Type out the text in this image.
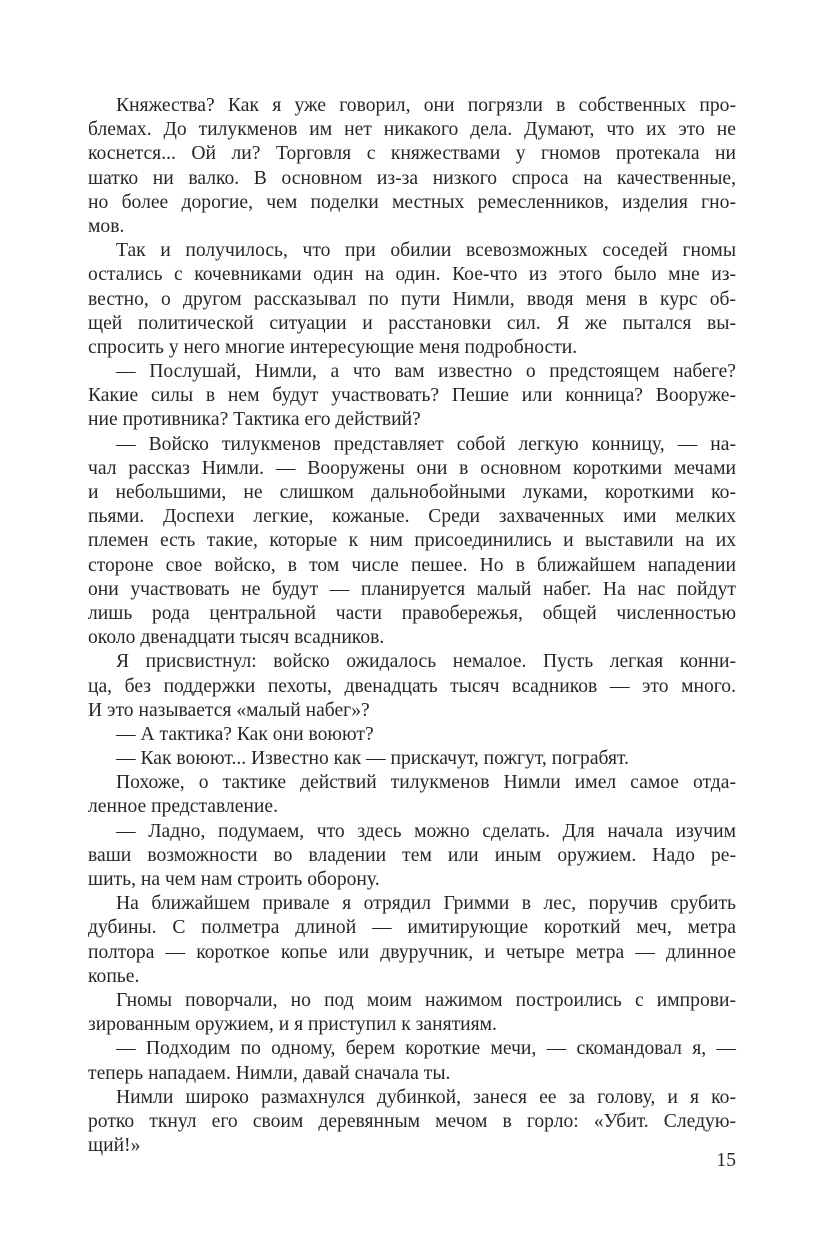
Княжества? Как я уже говорил, они погрязли в собственных про-
блемах. До тилукменов им нет никакого дела. Думают, что их это не
коснется... Ой ли? Торговля с княжествами у гномов протекала ни
шатко ни валко. В основном из-за низкого спроса на качественные,
но более дорогие, чем поделки местных ремесленников, изделия гно-
мов.
Так и получилось, что при обилии всевозможных соседей гномы
остались с кочевниками один на один. Кое-что из этого было мне из-
вестно, о другом рассказывал по пути Нимли, вводя меня в курс об-
щей политической ситуации и расстановки сил. Я же пытался вы-
спросить у него многие интересующие меня подробности.
— Послушай, Нимли, а что вам известно о предстоящем набеге?
Какие силы в нем будут участвовать? Пешие или конница? Вооруже-
ние противника? Тактика его действий?
— Войско тилукменов представляет собой легкую конницу, — на-
чал рассказ Нимли. — Вооружены они в основном короткими мечами
и небольшими, не слишком дальнобойными луками, короткими ко-
пьями. Доспехи легкие, кожаные. Среди захваченных ими мелких
племен есть такие, которые к ним присоединились и выставили на их
стороне свое войско, в том числе пешее. Но в ближайшем нападении
они участвовать не будут — планируется малый набег. На нас пойдут
лишь рода центральной части правобережья, общей численностью
около двенадцати тысяч всадников.
Я присвистнул: войско ожидалось немалое. Пусть легкая конни-
ца, без поддержки пехоты, двенадцать тысяч всадников — это много.
И это называется «малый набег»?
— А тактика? Как они воюют?
— Как воюют... Известно как — прискачут, пожгут, пограбят.
Похоже, о тактике действий тилукменов Нимли имел самое отда-
ленное представление.
— Ладно, подумаем, что здесь можно сделать. Для начала изучим
ваши возможности во владении тем или иным оружием. Надо ре-
шить, на чем нам строить оборону.
На ближайшем привале я отрядил Гримми в лес, поручив срубить
дубины. С полметра длиной — имитирующие короткий меч, метра
полтора — короткое копье или двуручник, и четыре метра — длинное
копье.
Гномы поворчали, но под моим нажимом построились с импрови-
зированным оружием, и я приступил к занятиям.
— Подходим по одному, берем короткие мечи, — скомандовал я, —
теперь нападаем. Нимли, давай сначала ты.
Нимли широко размахнулся дубинкой, занеся ее за голову, и я ко-
ротко ткнул его своим деревянным мечом в горло: «Убит. Следую-
щий!»
15
